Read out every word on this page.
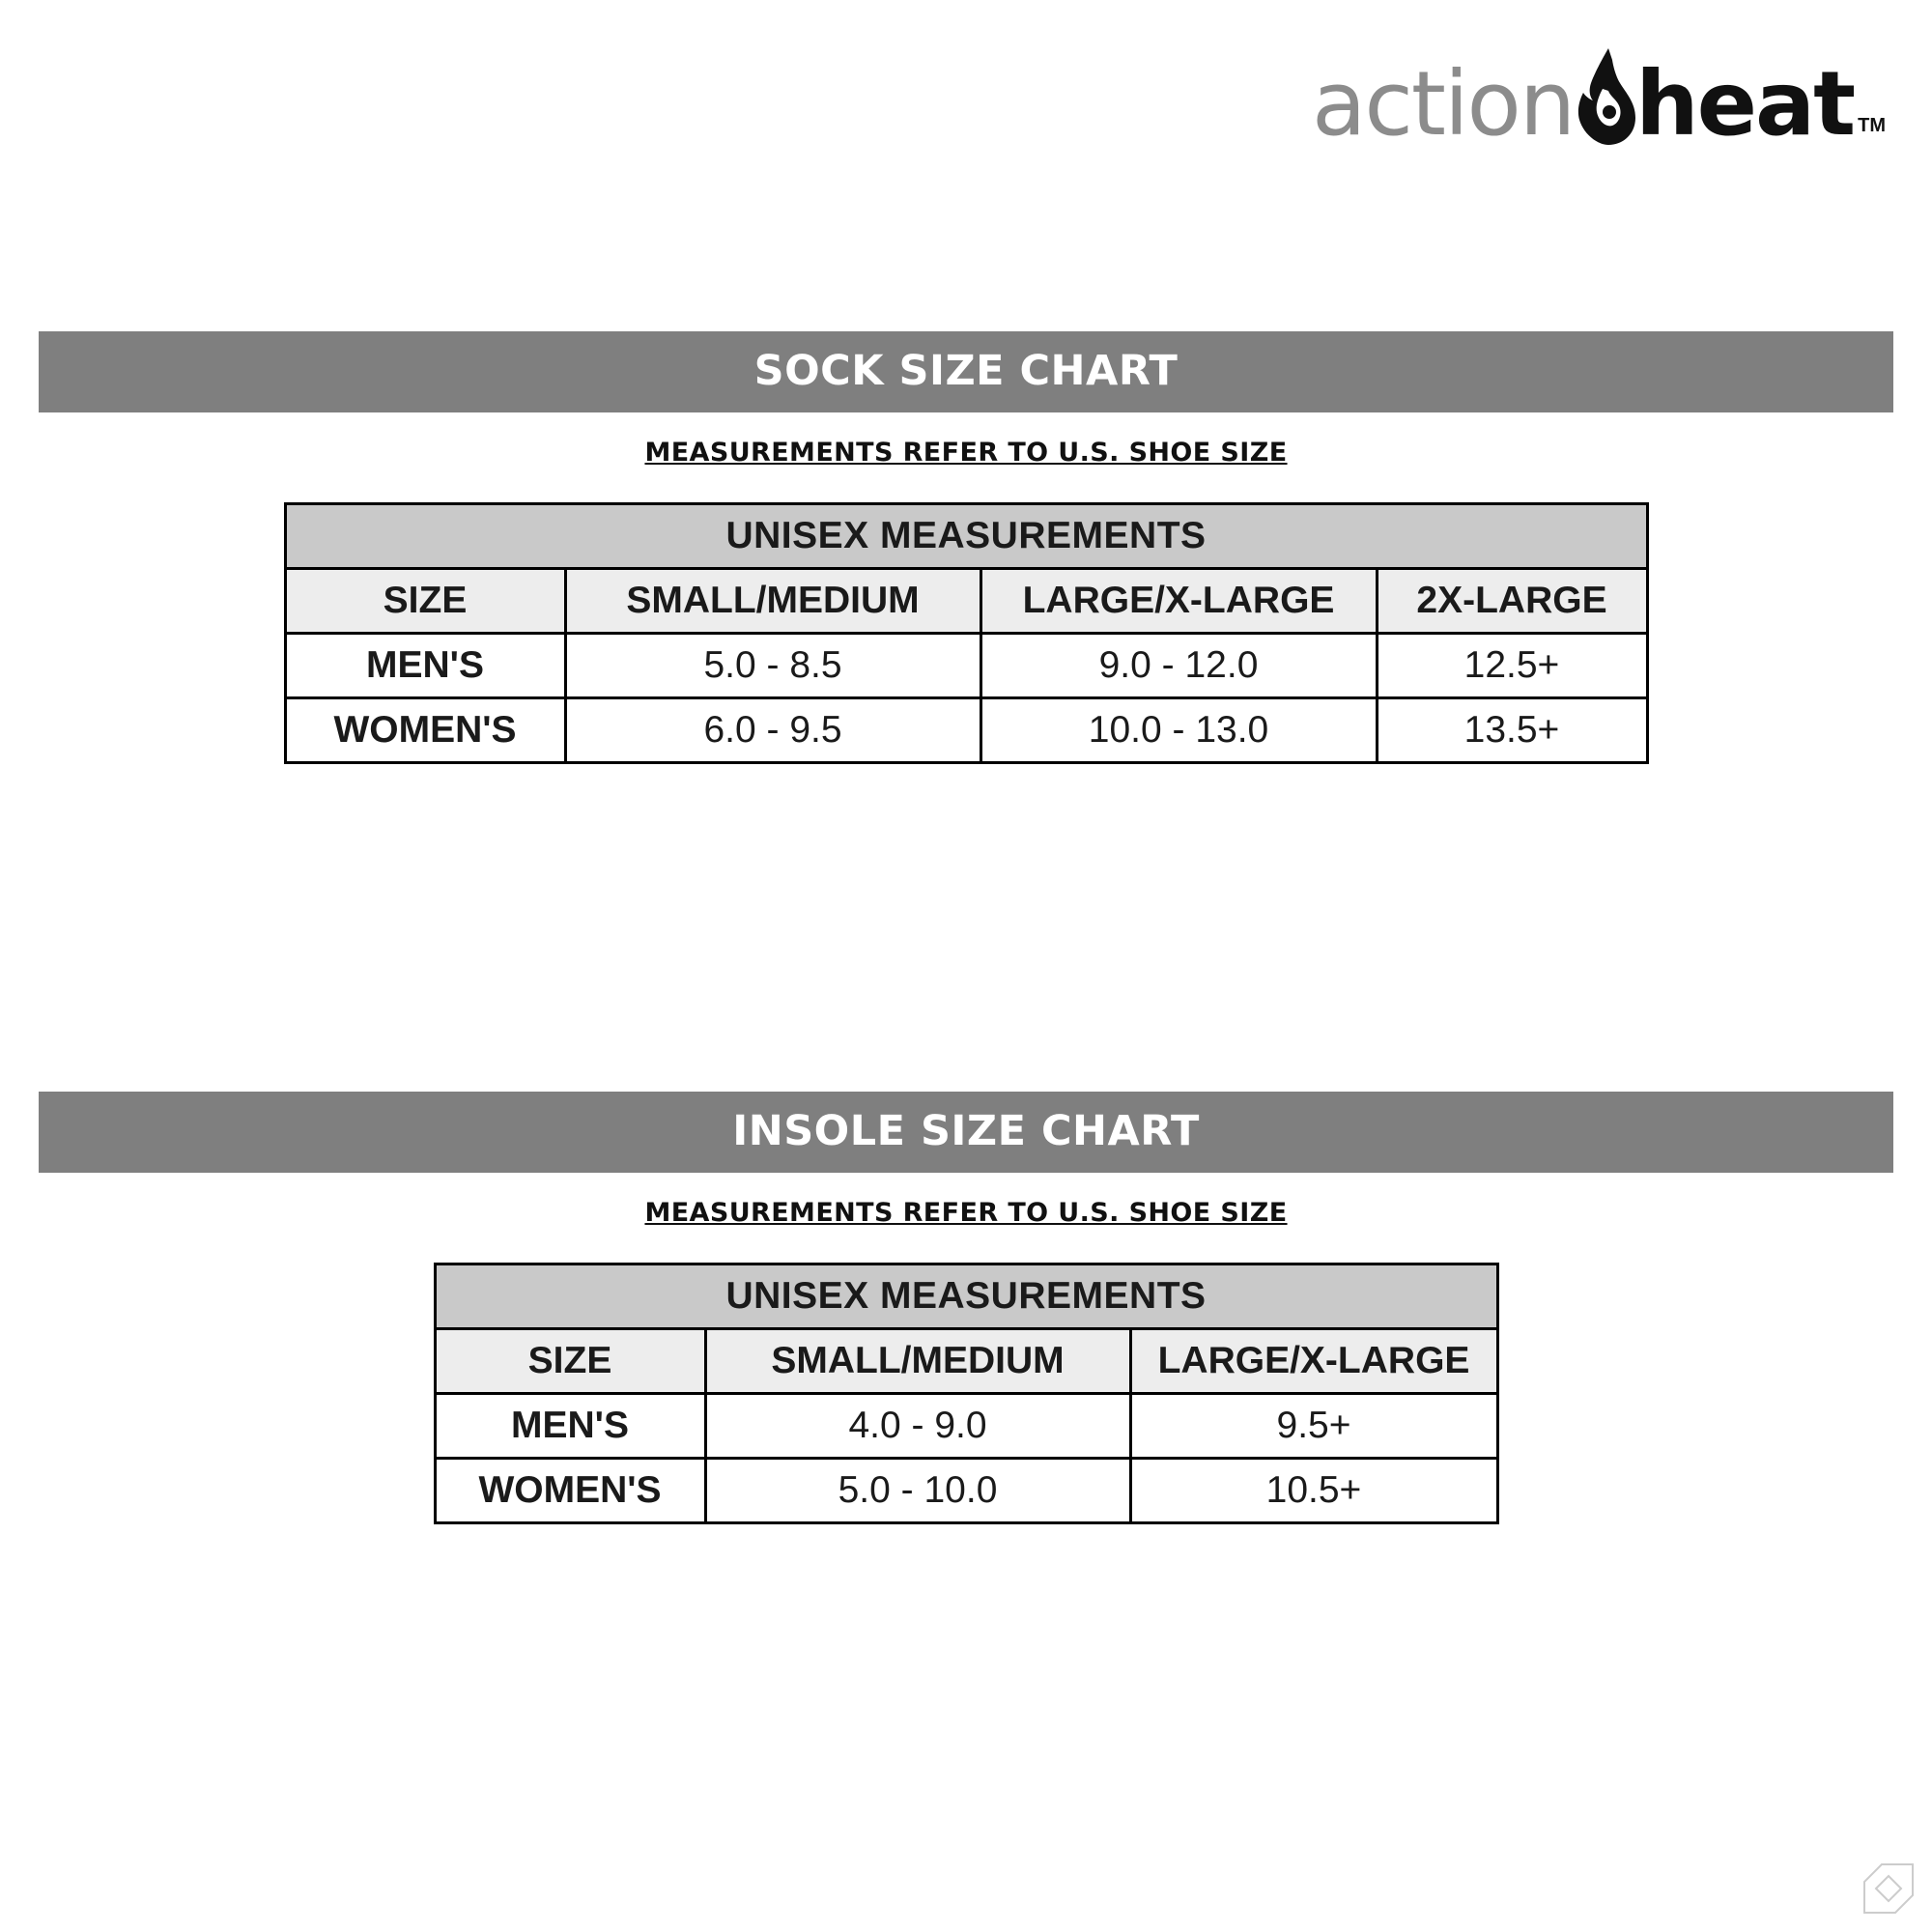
action heat TM
SOCK SIZE CHART
MEASUREMENTS REFER TO U.S. SHOE SIZE
UNISEX MEASUREMENTS			
SIZE	SMALL/MEDIUM	LARGE/X-LARGE	2X-LARGE
MEN'S	5.0 - 8.5	9.0 - 12.0	12.5+
WOMEN'S	6.0 - 9.5	10.0 - 13.0	13.5+
INSOLE SIZE CHART
MEASUREMENTS REFER TO U.S. SHOE SIZE
UNISEX MEASUREMENTS		
SIZE	SMALL/MEDIUM	LARGE/X-LARGE
MEN'S	4.0 - 9.0	9.5+
WOMEN'S	5.0 - 10.0	10.5+
